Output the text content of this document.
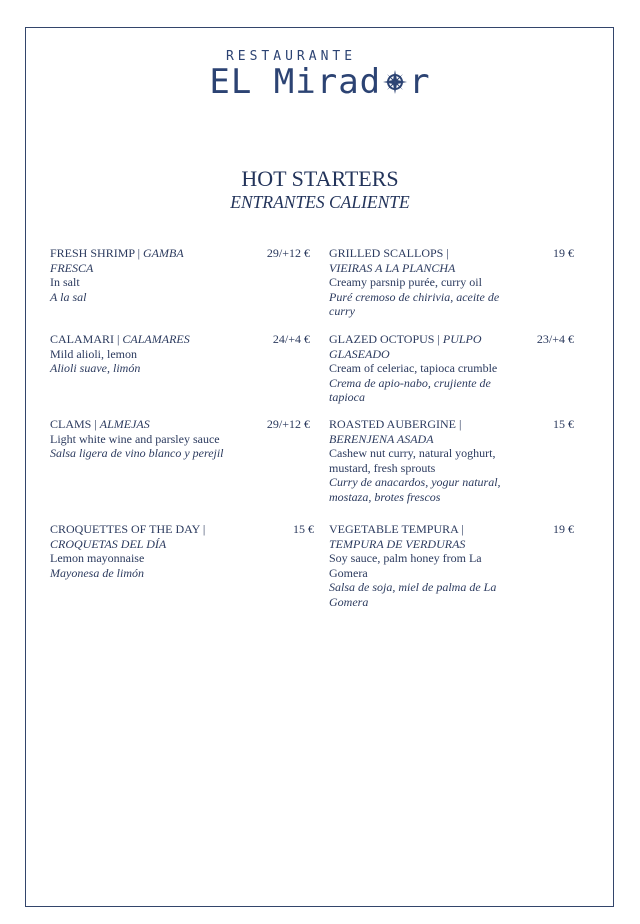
RESTAURANTE
EL Mirad r
HOT STARTERS
ENTRANTES CALIENTE
FRESH SHRIMP | GAMBA FRESCA
In salt
A la sal
29/+12 €
CALAMARI | CALAMARES
Mild alioli, lemon
Alioli suave, limón
24/+4 €
CLAMS | ALMEJAS
Light white wine and parsley sauce
Salsa ligera de vino blanco y perejil
29/+12 €
CROQUETTES OF THE DAY | CROQUETAS DEL DÍA
Lemon mayonnaise
Mayonesa de limón
15 €
GRILLED SCALLOPS |
VIEIRAS A LA PLANCHA
Creamy parsnip purée, curry oil
Puré cremoso de chirivia, aceite de curry
19 €
GLAZED OCTOPUS | PULPO GLASEADO
Cream of celeriac, tapioca crumble
Crema de apio-nabo, crujiente de tapioca
23/+4 €
ROASTED AUBERGINE |
BERENJENA ASADA
Cashew nut curry, natural yoghurt, mustard, fresh sprouts
Curry de anacardos, yogur natural, mostaza, brotes frescos
15 €
VEGETABLE TEMPURA |
TEMPURA DE VERDURAS
Soy sauce, palm honey from La Gomera
Salsa de soja, miel de palma de La Gomera
19 €
